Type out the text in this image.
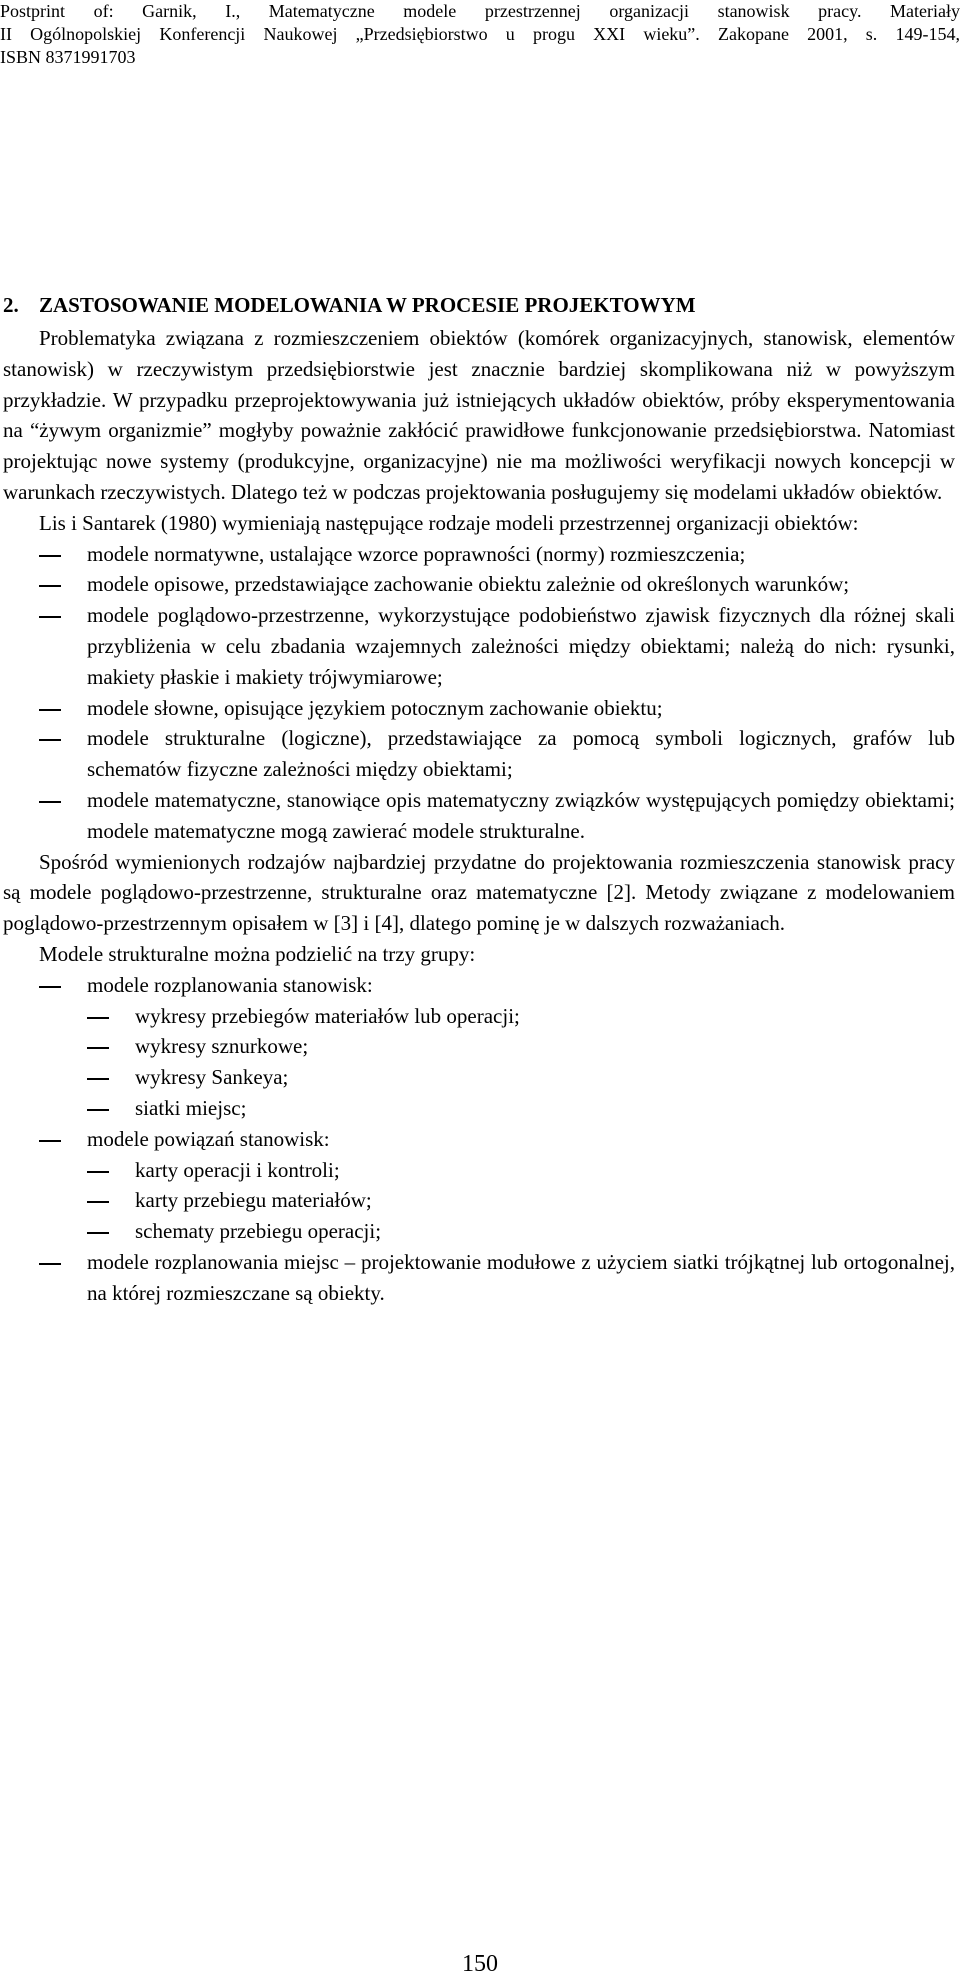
Postprint of: Garnik, I., Matematyczne modele przestrzennej organizacji stanowisk pracy. Materiały
II Ogólnopolskiej Konferencji Naukowej „Przedsiębiorstwo u progu XXI wieku”. Zakopane 2001, s. 149-154,
ISBN 8371991703
2. ZASTOSOWANIE MODELOWANIA W PROCESIE PROJEKTOWYM

Problematyka związana z rozmieszczeniem obiektów (komórek organizacyjnych, stanowisk, elementów stanowisk) w rzeczywistym przedsiębiorstwie jest znacznie bardziej skomplikowana niż w powyższym przykładzie. W przypadku przeprojektowywania już istniejących układów obiektów, próby eksperymentowania na “żywym organizmie” mogłyby poważnie zakłócić prawidłowe funkcjonowanie przedsiębiorstwa. Natomiast projektując nowe systemy (produkcyjne, organizacyjne) nie ma możliwości weryfikacji nowych koncepcji w warunkach rzeczywistych. Dlatego też w podczas projektowania posługujemy się modelami układów obiektów.

Lis i Santarek (1980) wymieniają następujące rodzaje modeli przestrzennej organizacji obiektów:

modele normatywne, ustalające wzorce poprawności (normy) rozmieszczenia;
modele opisowe, przedstawiające zachowanie obiektu zależnie od określonych warunków;
modele poglądowo-przestrzenne, wykorzystujące podobieństwo zjawisk fizycznych dla różnej skali przybliżenia w celu zbadania wzajemnych zależności między obiektami; należą do nich: rysunki, makiety płaskie i makiety trójwymiarowe;
modele słowne, opisujące językiem potocznym zachowanie obiektu;
modele strukturalne (logiczne), przedstawiające za pomocą symboli logicznych, grafów lub schematów fizyczne zależności między obiektami;
modele matematyczne, stanowiące opis matematyczny związków występujących pomiędzy obiektami; modele matematyczne mogą zawierać modele strukturalne.

Spośród wymienionych rodzajów najbardziej przydatne do projektowania rozmieszczenia stanowisk pracy są modele poglądowo-przestrzenne, strukturalne oraz matematyczne [2]. Metody związane z modelowaniem poglądowo-przestrzennym opisałem w [3] i [4], dlatego pominę je w dalszych rozważaniach.

Modele strukturalne można podzielić na trzy grupy:

modele rozplanowania stanowisk:
wykresy przebiegów materiałów lub operacji;
wykresy sznurkowe;
wykresy Sankeya;
siatki miejsc;
modele powiązań stanowisk:
karty operacji i kontroli;
karty przebiegu materiałów;
schematy przebiegu operacji;
modele rozplanowania miejsc – projektowanie modułowe z użyciem siatki trójkątnej lub ortogonalnej, na której rozmieszczane są obiekty.
150
